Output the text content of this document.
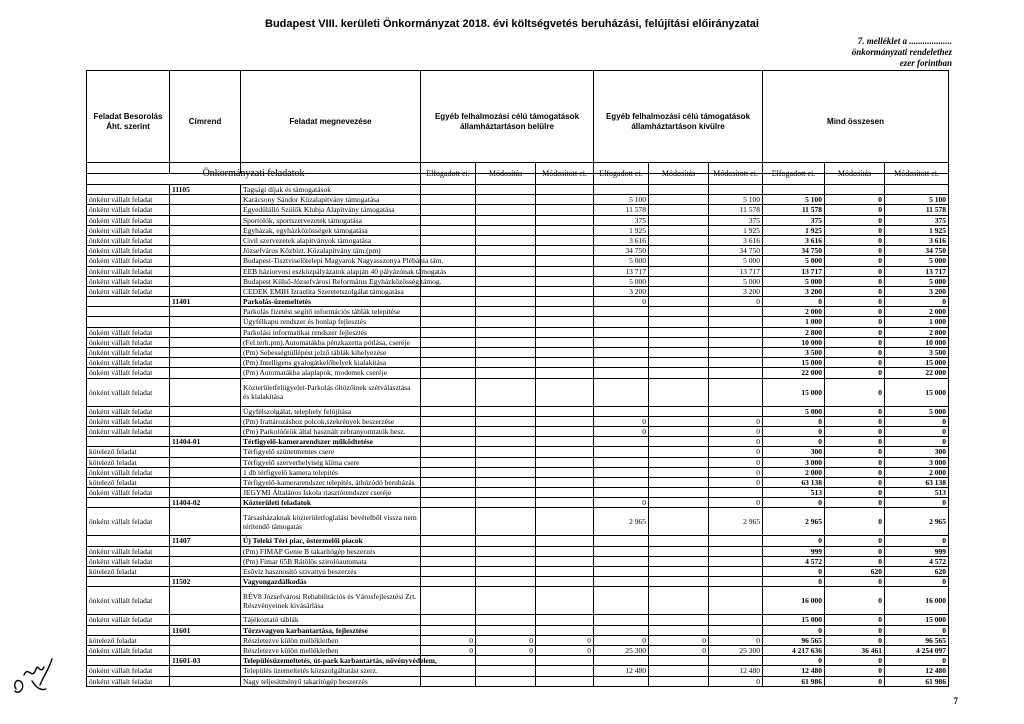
Budapest VIII. kerületi Önkormányzat 2018. évi költségvetés beruházási, felújítási előirányzatai
7. melléklet a ...................
önkormányzati rendelethez
ezer forintban
Feladat Besorolás Áht. szerint	Címrend	Feladat megnevezése	Egyéb felhalmozási célú támogatások államháztartáson belülre	Egyéb felhalmozási célú támogatások államháztartáson kívülre	Mind összesen
Önkormányzati feladatok			Elfogadott ei.	Módosítás	Módosított ei.	Elfogadott ei.	Módosítás	Módosított ei.	Elfogadott ei.	Módosítás	Módosított ei.
	11105	Tagsági díjak és támogatások									
önként vállalt feladat		Karácsony Sándor Közalapítvány támogatása				5 100		5 100	5 100	0	5 100
önként vállalt feladat		Egyedülálló Szülők Klubja Alapítvány támogatása				11 578		11 578	11 578	0	11 578
önként vállalt feladat		Sportolók, sportszervezetek támogatása				375		375	375	0	375
önként vállalt feladat		Egyházak, egyházközösségek támogatása				1 925		1 925	1 925	0	1 925
önként vállalt feladat		Civil szervezetek alapítványok támogatása				3 616		3 616	3 616	0	3 616
önként vállalt feladat		Józsefváros Közbizt. Közalapítvány tám.(pm)				34 750		34 750	34 750	0	34 750
önként vállalt feladat		Budapest-Tisztviselőtelepi Magyarok Nagyasszonya Plébánia tám.				5 000		5 000	5 000	0	5 000
önként vállalt feladat		EEB háziorvosi eszközpályázatok alapján 40 pályázónak támogatás				13 717		13 717	13 717	0	13 717
önként vállalt feladat		Budapest Külső-Józsefvárosi Református Egyházközösség támog.				5 000		5 000	5 000	0	5 000
önként vállalt feladat		CEDEK EMIH Izraelita Szeretetszolgálat támogatása				3 200		3 200	3 200	0	3 200
	11401	Parkolás-üzemeltetés				0		0	0	0	0
		Parkolás fizetést segítő információs táblák telepítése							2 000	0	2 000
		Ügyfélkapu rendszer és honlap fejlesztés							1 000	0	1 000
önként vállalt feladat		Parkolási informatikai rendszer fejlesztés							2 800	0	2 800
önként vállalt feladat		(Fel.terh.pm).Automatákba pénzkazetta pótlása, cseréje							10 000	0	10 000
önként vállalt feladat		(Pm) Sebességtüllépést jelző táblák kihelyezése							3 500	0	3 500
önként vállalt feladat		(Pm) Intelligens gyalogátkelőhelyek kialakítása							15 000	0	15 000
önként vállalt feladat		(Pm) Automatákba alaplapok, modemek cseréje							22 000	0	22 000
önként vállalt feladat		Közterületfelügyelet-Parkolás öltözőinek szétválasztása és kialakítása							15 000	0	15 000
önként vállalt feladat		Ügyfélszolgálat, telephely felújítása							5 000	0	5 000
önként vállalt feladat		(Pm) Irattározáshoz polcok,szekrények beszerzése				0		0	0	0	0
önként vállalt feladat		(Pm) Parkolóőrök által használt zebranyomtatók besz.				0		0	0	0	0
	11404-01	Térfigyelő-kamerarendszer működtetése						0	0	0	0
kötelező feladat		Térfigyelő szünetmentes csere						0	300	0	300
kötelező feladat		Térfigyelő szerverhelyiség klíma csere						0	3 000	0	3 000
önként vállalt feladat		1 db térfigyelő kamera telepítés						0	2 000	0	2 000
kötelező feladat		Térfigyelő-kamerarendszer telepítés, áthúzódó beruházás						0	63 138	0	63 138
önként vállalt feladat		JEGYMI Általános Iskola riasztórendszer cseréje							513	0	513
	11404-02	Közterületi feladatok				0		0	0	0	0
önként vállalt feladat		Társasházaknak közterületfoglalási bevételből vissza nem térítendő támogatás				2 965		2 965	2 965	0	2 965
	11407	Új Teleki Téri piac, östermelői piacok							0	0	0
önként vállalt feladat		(Pm) FIMAP Genie B takarítógép beszerzés							999	0	999
önként vállalt feladat		(Pm) Fimar 65B Rátölős szirolóautomata							4 572	0	4 572
kötelező feladat		Esővíz hasznosító szivattyú beszerzés							0	620	620
	11502	Vagyongazdálkodás							0	0	0
önként vállalt feladat		RÉV8 Józsefvárosi Rehabilitációs és Városfejlesztési Zrt. Részvényeinek kivásárlása							16 000	0	16 000
önként vállalt feladat		Tájékoztató táblák							15 000	0	15 000
	11601	Törzsvagyon karbantartása, fejlesztése							0	0	0
kötelező feladat		Részletezve külön mellékletben	0	0	0	0	0	0	96 565	0	96 565
önként vállalt feladat		Részletezve külön mellékletben	0	0	0	25 300	0	25 300	4 217 636	36 461	4 254 097
	11601-03	Településüzemeltetés, út-park karbantartás, növényvédelem,							0	0	0
önként vállalt feladat		Település üzemeltetés közszolgáltatást szerz.				12 480		12 480	12 480	0	12 480
önként vállalt feladat		Nagy teljesítményű takarítógép beszerzés						0	61 986	0	61 986
7
